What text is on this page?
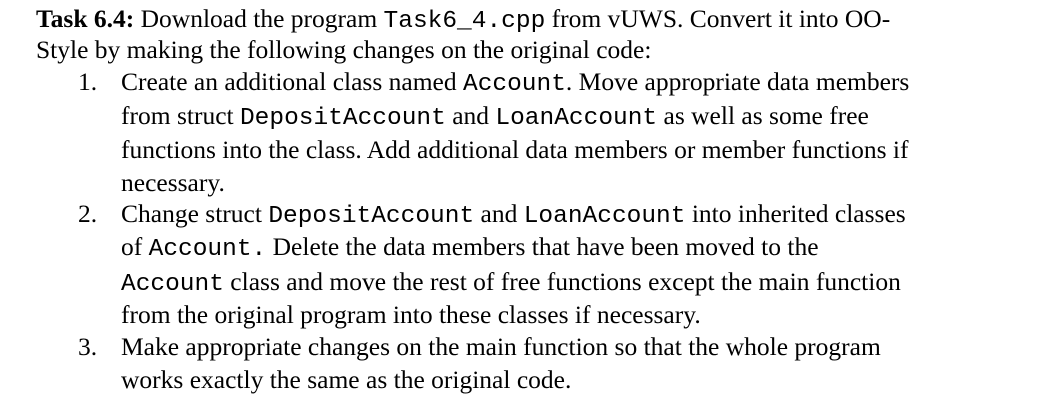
Task 6.4: Download the program Task6_4.cpp from vUWS. Convert it into OO-
Style by making the following changes on the original code:
1. Create an additional class named Account. Move appropriate data members
from struct DepositAccount and LoanAccount as well as some free
functions into the class. Add additional data members or member functions if
necessary.
2. Change struct DepositAccount and LoanAccount into inherited classes
of Account. Delete the data members that have been moved to the
Account class and move the rest of free functions except the main function
from the original program into these classes if necessary.
3. Make appropriate changes on the main function so that the whole program
works exactly the same as the original code.
